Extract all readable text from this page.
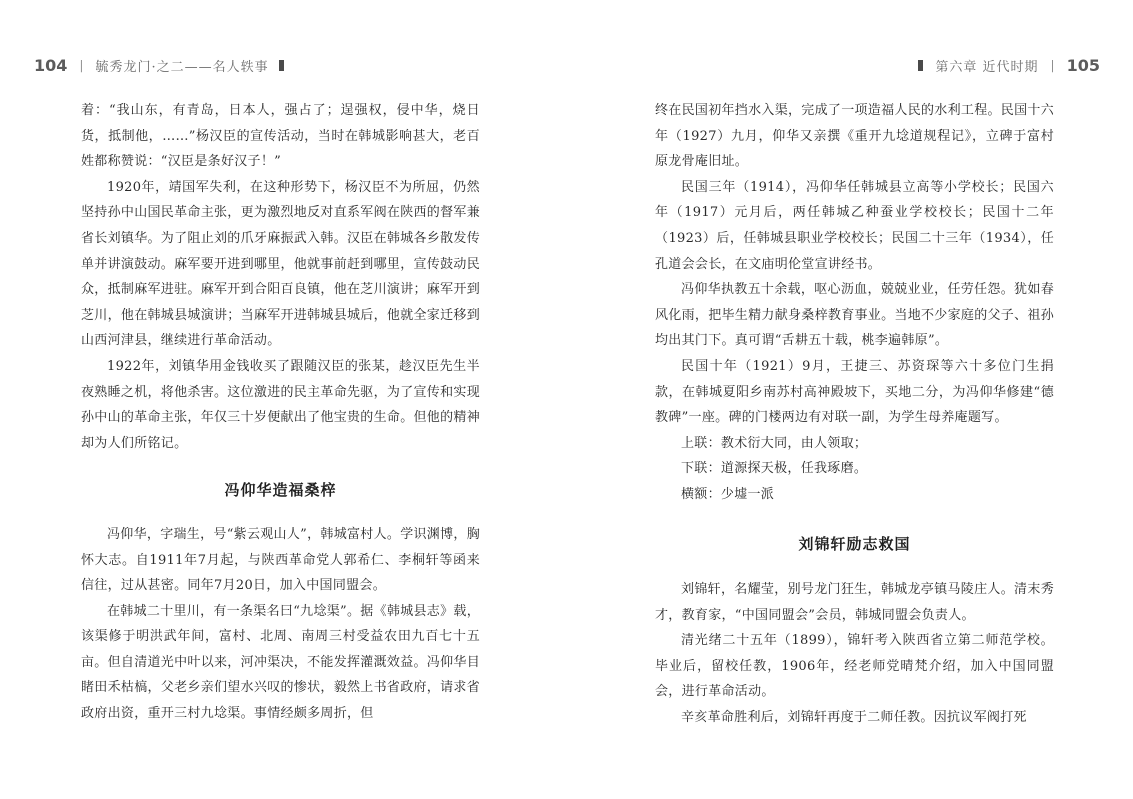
104 | 毓秀龙门·之二——名人轶事

着：“我山东，有青岛，日本人，强占了；逞强权，侵中华，烧日货，抵制他，……”杨汉臣的宣传活动，当时在韩城影响甚大，老百姓都称赞说：“汉臣是条好汉子！”

1920年，靖国军失利，在这种形势下，杨汉臣不为所屈，仍然坚持孙中山国民革命主张，更为激烈地反对直系军阀在陕西的督军兼省长刘镇华。为了阻止刘的爪牙麻振武入韩。汉臣在韩城各乡散发传单并讲演鼓动。麻军要开进到哪里，他就事前赶到哪里，宣传鼓动民众，抵制麻军进驻。麻军开到合阳百良镇，他在芝川演讲；麻军开到芝川，他在韩城县城演讲；当麻军开进韩城县城后，他就全家迁移到山西河津县，继续进行革命活动。

1922年，刘镇华用金钱收买了跟随汉臣的张某，趁汉臣先生半夜熟睡之机，将他杀害。这位激进的民主革命先驱，为了宣传和实现孙中山的革命主张，年仅三十岁便献出了他宝贵的生命。但他的精神却为人们所铭记。

冯仰华造福桑梓

冯仰华，字瑞生，号“紫云观山人”，韩城富村人。学识渊博，胸怀大志。自1911年7月起，与陕西革命党人郭希仁、李桐轩等函来信往，过从甚密。同年7月20日，加入中国同盟会。

在韩城二十里川，有一条渠名曰“九埝渠”。据《韩城县志》载，该渠修于明洪武年间，富村、北周、南周三村受益农田九百七十五亩。但自清道光中叶以来，河冲渠决，不能发挥灌溉效益。冯仰华目睹田禾枯槁，父老乡亲们望水兴叹的惨状，毅然上书省政府，请求省政府出资，重开三村九埝渠。事情经颇多周折，但

第六章 近代时期 | 105

终在民国初年挡水入渠，完成了一项造福人民的水利工程。民国十六年（1927）九月，仰华又亲撰《重开九埝道规程记》，立碑于富村原龙骨庵旧址。

民国三年（1914），冯仰华任韩城县立高等小学校长；民国六年（1917）元月后，两任韩城乙种蚕业学校校长；民国十二年（1923）后，任韩城县职业学校校长；民国二十三年（1934），任孔道会会长，在文庙明伦堂宣讲经书。

冯仰华执教五十余载，呕心沥血，兢兢业业，任劳任怨。犹如春风化雨，把毕生精力献身桑梓教育事业。当地不少家庭的父子、祖孙均出其门下。真可谓“舌耕五十载，桃李遍韩原”。

民国十年（1921）9月，王捷三、苏资琛等六十多位门生捐款，在韩城夏阳乡南苏村高神殿坡下，买地二分，为冯仰华修建“德教碑”一座。碑的门楼两边有对联一副，为学生母养庵题写。

上联：教术衍大同，由人领取；

下联：道源探天极，任我琢磨。

横额：少墟一派

刘锦轩励志救国

刘锦轩，名耀莹，别号龙门狂生，韩城龙亭镇马陵庄人。清末秀才，教育家，“中国同盟会”会员，韩城同盟会负责人。

清光绪二十五年（1899），锦轩考入陕西省立第二师范学校。毕业后，留校任教，1906年，经老师党晴梵介绍，加入中国同盟会，进行革命活动。

辛亥革命胜利后，刘锦轩再度于二师任教。因抗议军阀打死
